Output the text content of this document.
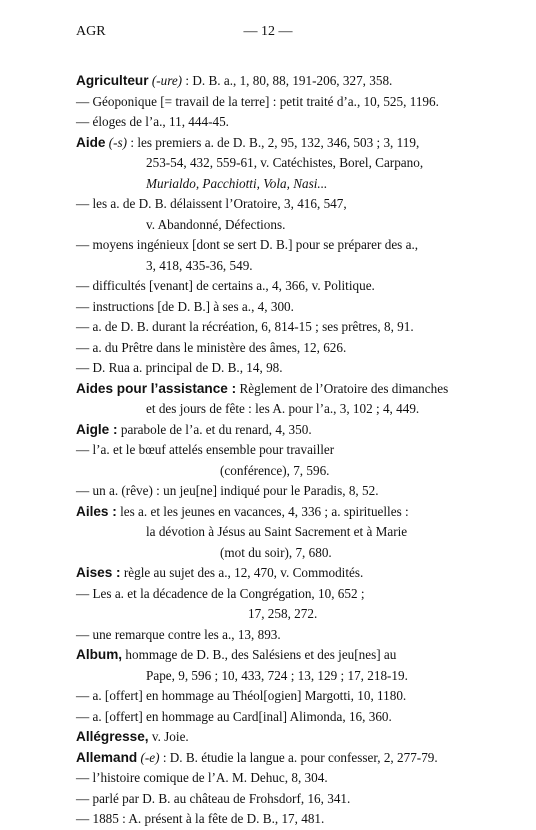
AGR	— 12 —
Agriculteur (-ure) : D. B. a., 1, 80, 88, 191-206, 327, 358.
— Géoponique [= travail de la terre] : petit traité d’a., 10, 525, 1196.
— éloges de l’a., 11, 444-45.
Aide (-s) : les premiers a. de D. B., 2, 95, 132, 346, 503 ; 3, 119,
253-54, 432, 559-61, v. Catéchistes, Borel, Carpano,
Murialdo, Pacchiotti, Vola, Nasi...
— les a. de D. B. délaissent l’Oratoire, 3, 416, 547,
v. Abandonné, Défections.
— moyens ingénieux [dont se sert D. B.] pour se préparer des a.,
3, 418, 435-36, 549.
— difficultés [venant] de certains a., 4, 366, v. Politique.
— instructions [de D. B.] à ses a., 4, 300.
— a. de D. B. durant la récréation, 6, 814-15 ; ses prêtres, 8, 91.
— a. du Prêtre dans le ministère des âmes, 12, 626.
— D. Rua a. principal de D. B., 14, 98.
Aides pour l’assistance : Règlement de l’Oratoire des dimanches
et des jours de fête : les A. pour l’a., 3, 102 ; 4, 449.
Aigle : parabole de l’a. et du renard, 4, 350.
— l’a. et le bœuf attelés ensemble pour travailler
(conférence), 7, 596.
— un a. (rêve) : un jeu[ne] indiqué pour le Paradis, 8, 52.
Ailes : les a. et les jeunes en vacances, 4, 336 ; a. spirituelles :
la dévotion à Jésus au Saint Sacrement et à Marie
(mot du soir), 7, 680.
Aises : règle au sujet des a., 12, 470, v. Commodités.
— Les a. et la décadence de la Congrégation, 10, 652 ;
17, 258, 272.
— une remarque contre les a., 13, 893.
Album, hommage de D. B., des Salésiens et des jeu[nes] au
Pape, 9, 596 ; 10, 433, 724 ; 13, 129 ; 17, 218-19.
— a. [offert] en hommage au Théol[ogien] Margotti, 10, 1180.
— a. [offert] en hommage au Card[inal] Alimonda, 16, 360.
Allégresse, v. Joie.
Allemand (-e) : D. B. étudie la langue a. pour confesser, 2, 277-79.
— l’histoire comique de l’A. M. Dehuc, 8, 304.
— parlé par D. B. au château de Frohsdorf, 16, 341.
— 1885 : A. présent à la fête de D. B., 17, 481.
